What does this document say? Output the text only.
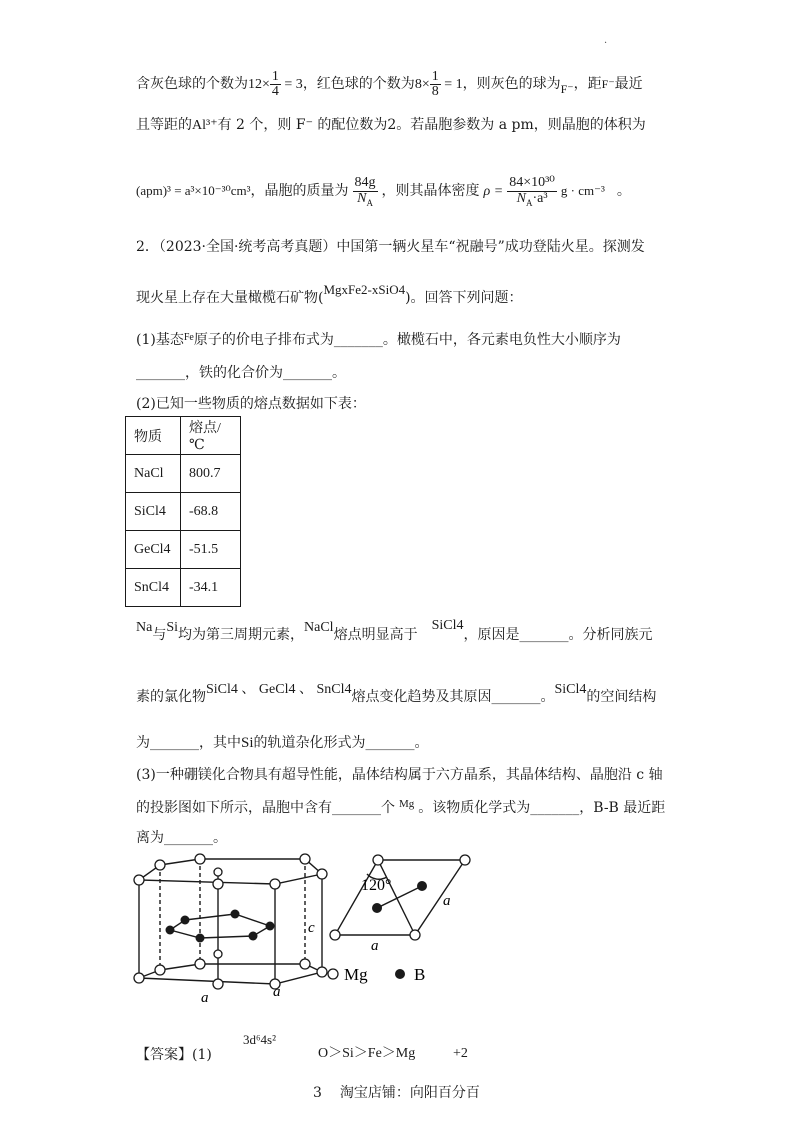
·
含灰色球的个数为$12\times \frac{1}{4} = 3$，红色球的个数为$8\times \frac{1}{8} = 1$，则灰色的球为F⁻，距F⁻最近
且等距的Al³⁺有 2 个，则 F⁻ 的配位数为2。若晶胞参数为 a pm，则晶胞的体积为
(apm)³ = a³×10⁻³⁰cm³，晶胞的质量为 $\frac{84g}{N_A}$ ，则其晶体密度 $\rho = \frac{\text{84×10³⁰}}{N_A\cdot a^3}$ g · cm⁻³ 。
2．（2023·全国·统考高考真题）中国第一辆火星车“祝融号”成功登陆火星。探测发
现火星上存在大量橄榄石矿物(MgxFe2-xSiO4)。回答下列问题：
(1)基态$^{Fe}$原子的价电子排布式为_______。橄榄石中，各元素电负性大小顺序为
_______，铁的化合价为_______。
(2)已知一些物质的熔点数据如下表：
物质	熔点/℃
NaCl	800.7
SiCl4	-68.8
GeCl4	-51.5
SnCl4	-34.1
Na与Si均为第三周期元素，NaCl熔点明显高于SiCl4，原因是_______。分析同族元
素的氯化物SiCl4 、 GeCl4 、 SnCl4熔点变化趋势及其原因_______。SiCl4的空间结构
为_______，其中Si的轨道杂化形式为_______。
(3)一种硼镁化合物具有超导性能，晶体结构属于六方晶系，其晶体结构、晶胞沿 c 轴
的投影图如下所示，晶胞中含有_______个 $^{Mg}$ 。该物质化学式为_______，B-B 最近距
离为_______。
c
a	a
120°
a
a
Mg	B
【答案】(1)
3d⁶4s²
O＞Si＞Fe＞Mg	+2
3 淘宝店铺：向阳百分百
